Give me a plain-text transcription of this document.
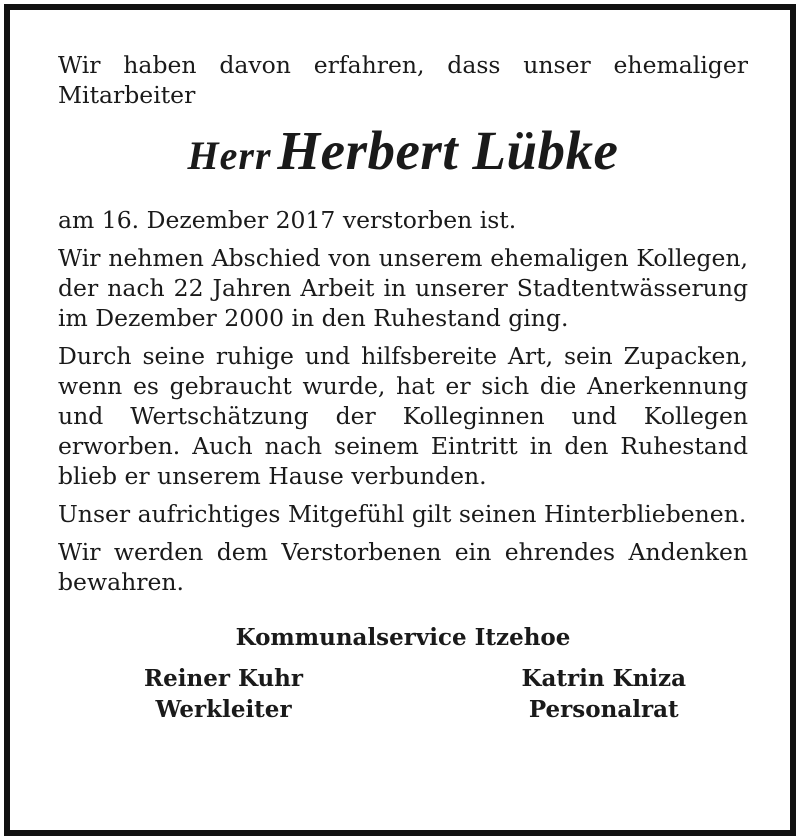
Wir haben davon erfahren, dass unser ehemaliger Mitarbeiter

Herr Herbert Lübke

am 16. Dezember 2017 verstorben ist.

Wir nehmen Abschied von unserem ehemaligen Kollegen, der nach 22 Jahren Arbeit in unserer Stadtentwässerung im Dezember 2000 in den Ruhestand ging.

Durch seine ruhige und hilfsbereite Art, sein Zupacken, wenn es gebraucht wurde, hat er sich die Anerkennung und Wertschätzung der Kolleginnen und Kollegen erworben. Auch nach seinem Eintritt in den Ruhestand blieb er unserem Hause verbunden.

Unser aufrichtiges Mitgefühl gilt seinen Hinterbliebenen.

Wir werden dem Verstorbenen ein ehrendes Andenken bewahren.

Kommunalservice Itzehoe

Reiner Kuhr
Werkleiter
Katrin Kniza
Personalrat
